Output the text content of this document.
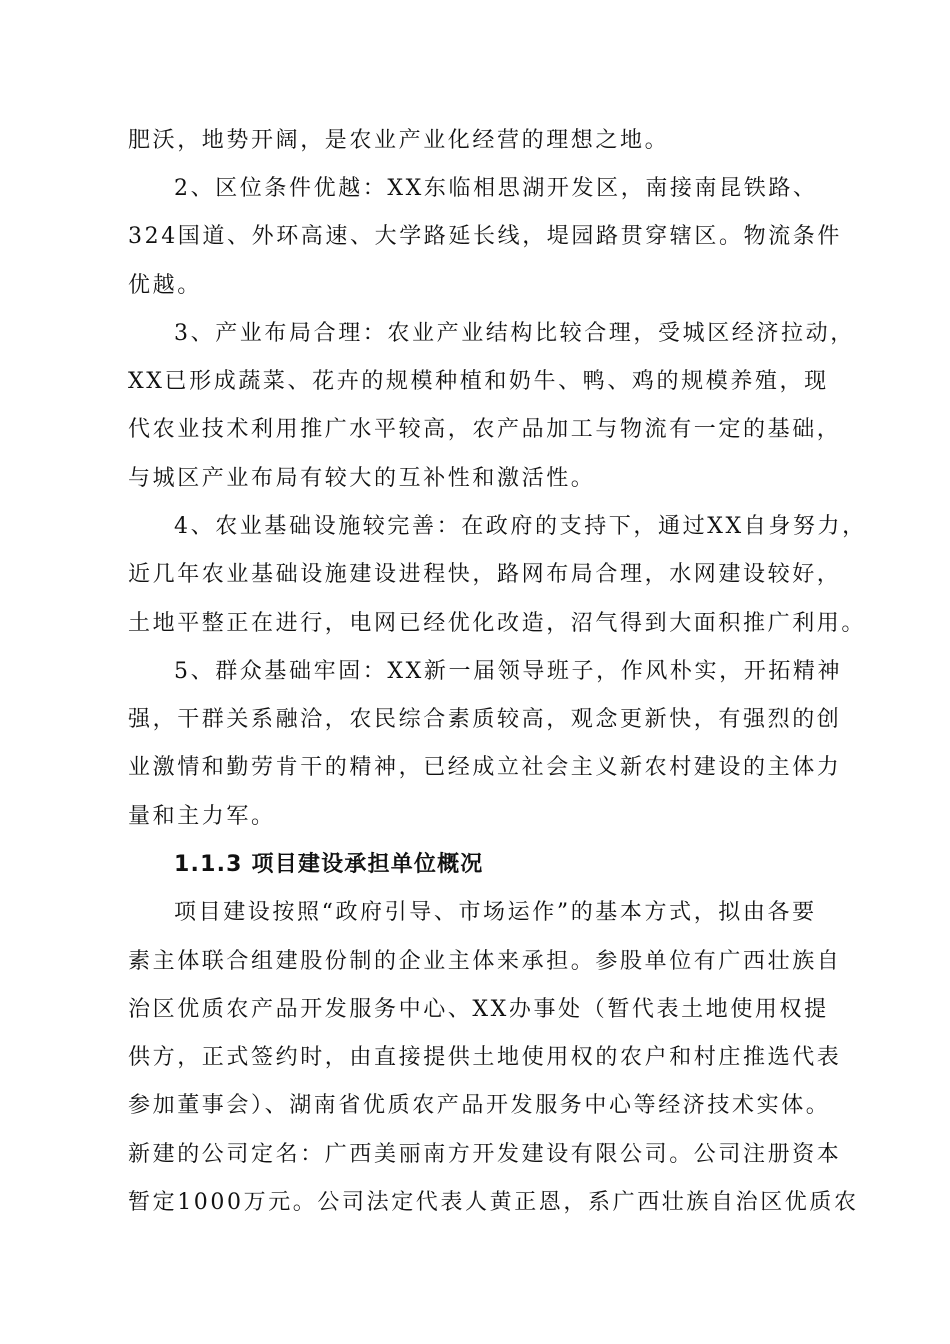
肥沃，地势开阔，是农业产业化经营的理想之地。
2、区位条件优越：XX东临相思湖开发区，南接南昆铁路、
324国道、外环高速、大学路延长线，堤园路贯穿辖区。物流条件
优越。
3、产业布局合理：农业产业结构比较合理，受城区经济拉动，
XX已形成蔬菜、花卉的规模种植和奶牛、鸭、鸡的规模养殖，现
代农业技术利用推广水平较高，农产品加工与物流有一定的基础，
与城区产业布局有较大的互补性和激活性。
4、农业基础设施较完善：在政府的支持下，通过XX自身努力，
近几年农业基础设施建设进程快，路网布局合理，水网建设较好，
土地平整正在进行，电网已经优化改造，沼气得到大面积推广利用。
5、群众基础牢固：XX新一届领导班子，作风朴实，开拓精神
强，干群关系融洽，农民综合素质较高，观念更新快，有强烈的创
业激情和勤劳肯干的精神，已经成立社会主义新农村建设的主体力
量和主力军。
1.1.3 项目建设承担单位概况
项目建设按照“政府引导、市场运作”的基本方式，拟由各要
素主体联合组建股份制的企业主体来承担。参股单位有广西壮族自
治区优质农产品开发服务中心、XX办事处（暂代表土地使用权提
供方，正式签约时，由直接提供土地使用权的农户和村庄推选代表
参加董事会）、湖南省优质农产品开发服务中心等经济技术实体。
新建的公司定名：广西美丽南方开发建设有限公司。公司注册资本
暂定1000万元。公司法定代表人黄正恩，系广西壮族自治区优质农
